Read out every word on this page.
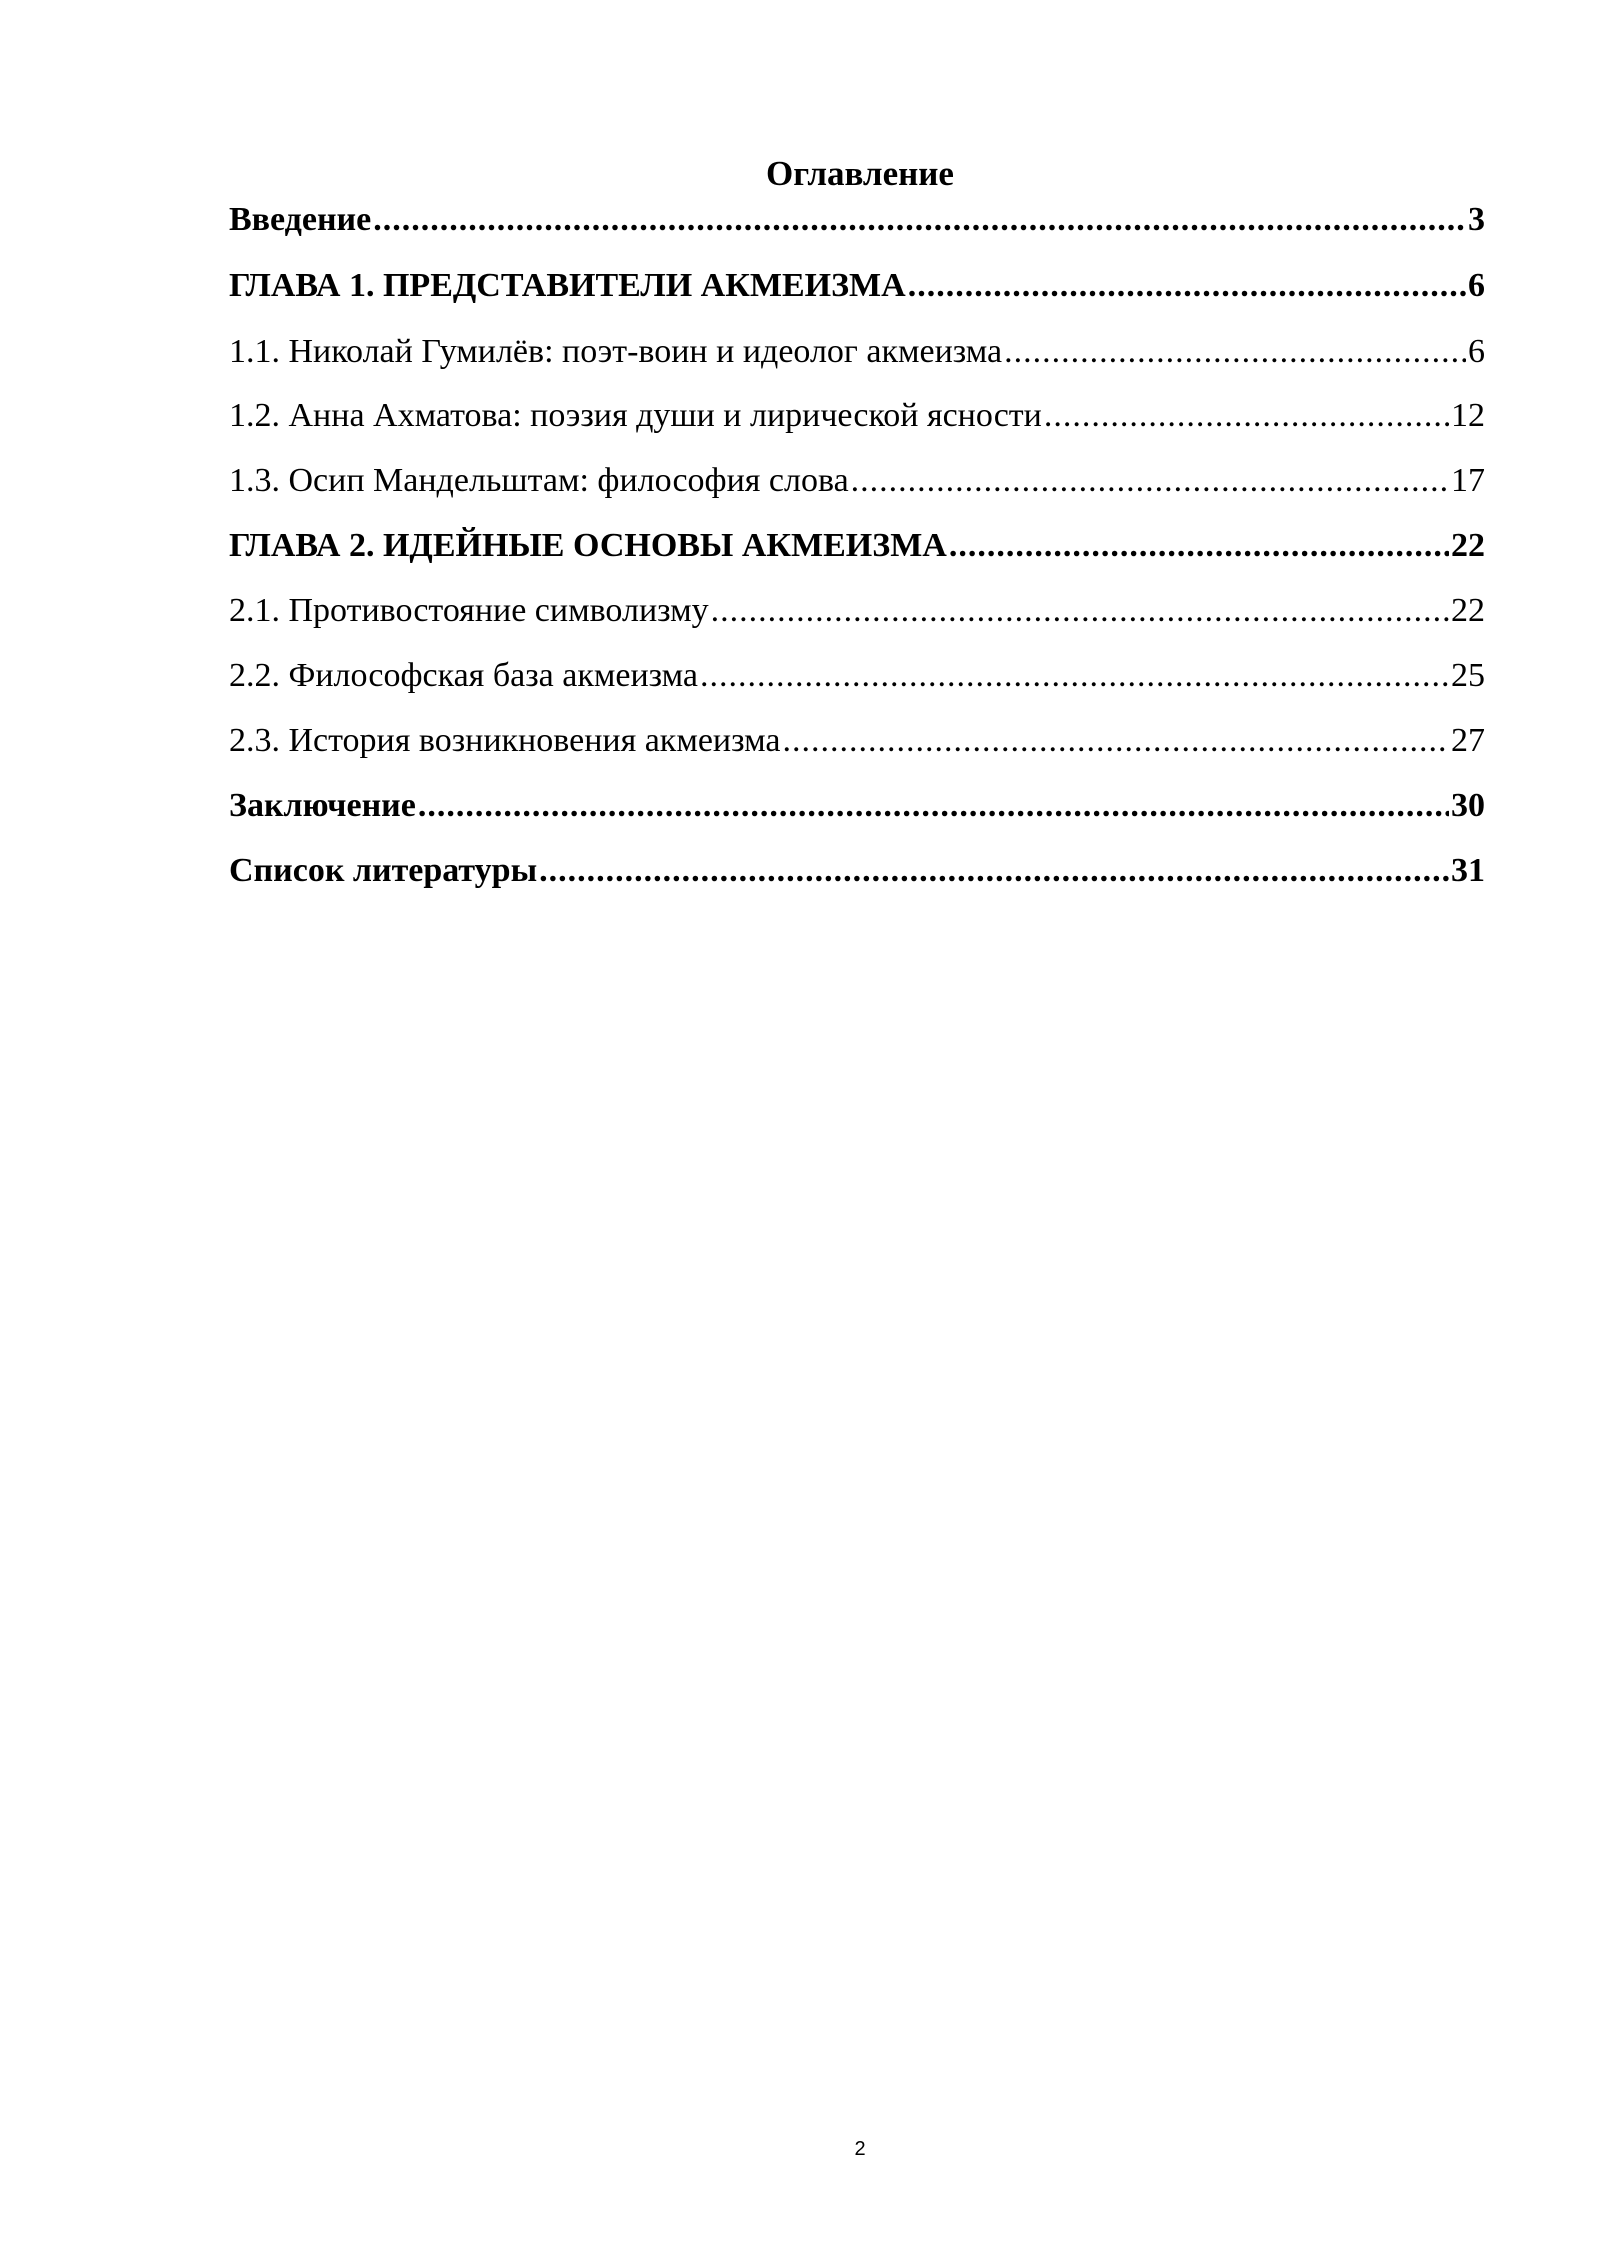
Оглавление
Введение .....	3
ГЛАВА 1. ПРЕДСТАВИТЕЛИ АКМЕИЗМА .....	6
1.1. Николай Гумилёв: поэт-воин и идеолог акмеизма .....	6
1.2. Анна Ахматова: поэзия души и лирической ясности .....	12
1.3. Осип Мандельштам: философия слова .....	17
ГЛАВА 2. ИДЕЙНЫЕ ОСНОВЫ АКМЕИЗМА .....	22
2.1. Противостояние символизму .....	22
2.2. Философская база акмеизма .....	25
2.3. История возникновения акмеизма .....	27
Заключение .....	30
Список литературы .....	31
2
